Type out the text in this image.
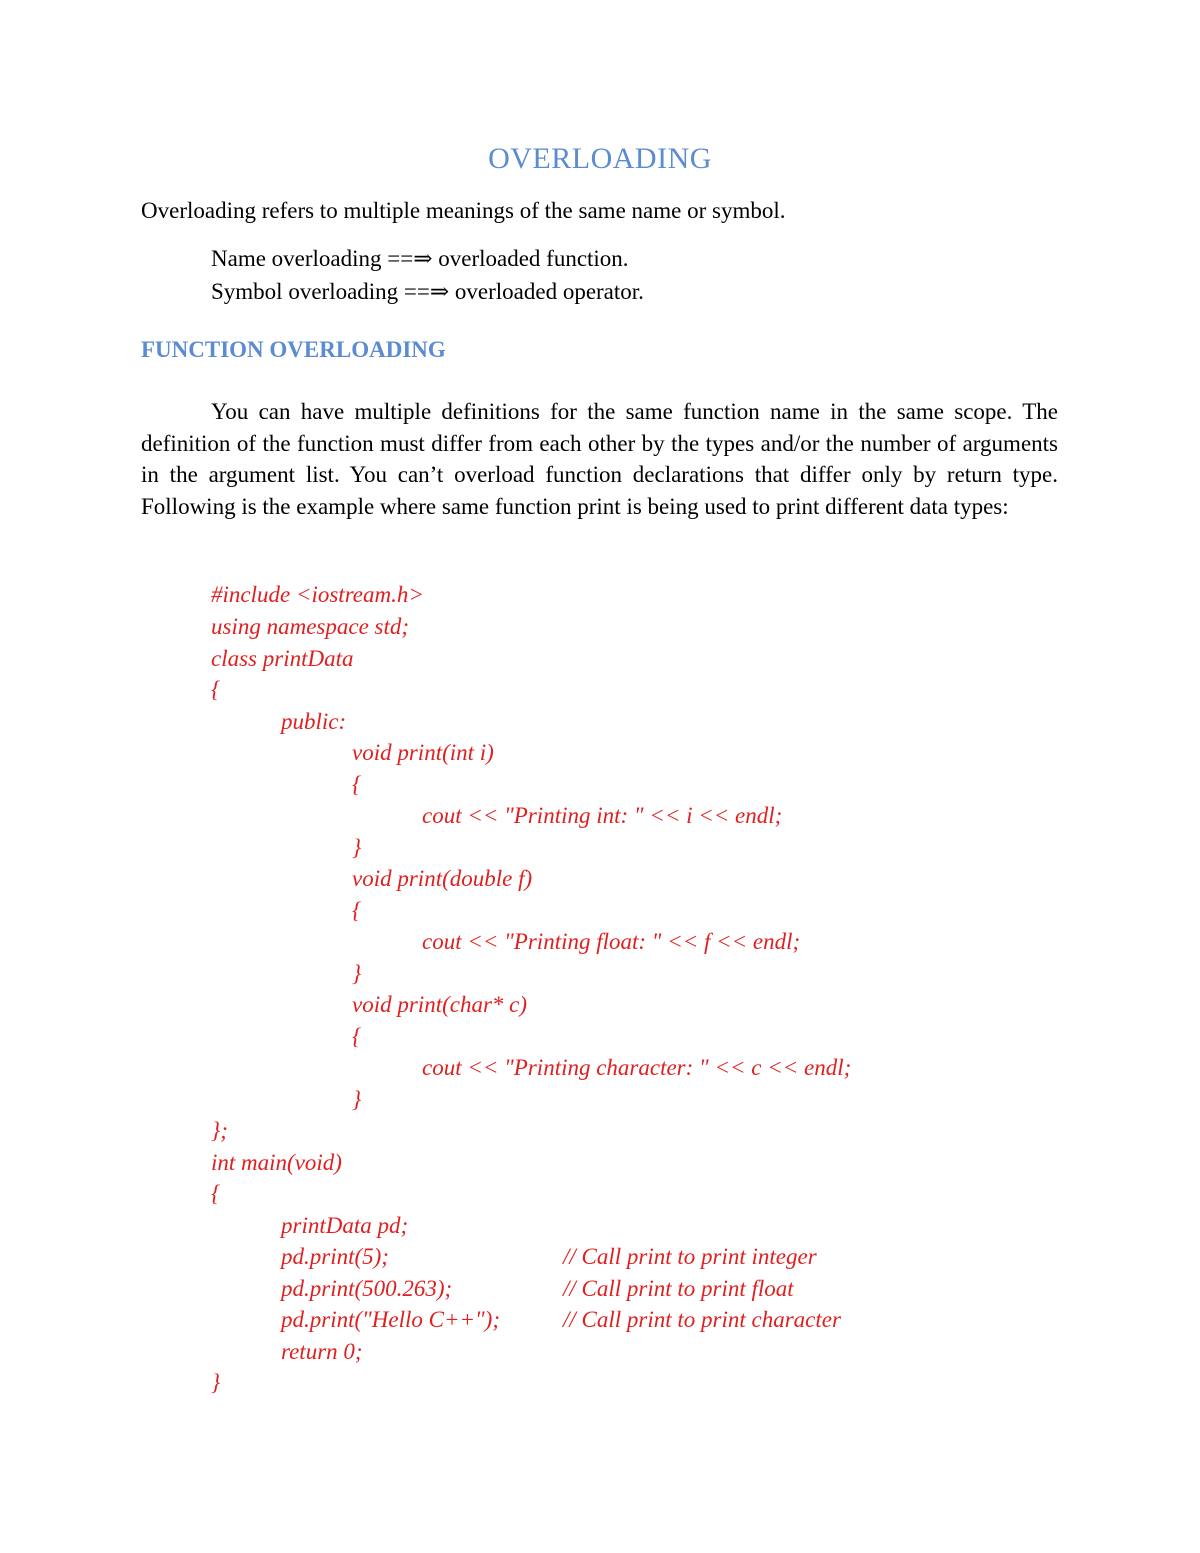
OVERLOADING
Overloading refers to multiple meanings of the same name or symbol.
Name overloading ==⇒ overloaded function.
Symbol overloading ==⇒ overloaded operator.
FUNCTION OVERLOADING
You can have multiple definitions for the same function name in the same scope. The definition of the function must differ from each other by the types and/or the number of arguments in the argument list. You can’t overload function declarations that differ only by return type. Following is the example where same function print is being used to print different data types:
#include <iostream.h>
using namespace std;
class printData
{
public:
void print(int i)
{
cout << "Printing int: " << i << endl;
}
void print(double f)
{
cout << "Printing float: " << f << endl;
}
void print(char* c)
{
cout << "Printing character: " << c << endl;
}
};
int main(void)
{
printData pd;
pd.print(5);	// Call print to print integer
pd.print(500.263);	// Call print to print float
pd.print("Hello C++");	// Call print to print character
return 0;
}
